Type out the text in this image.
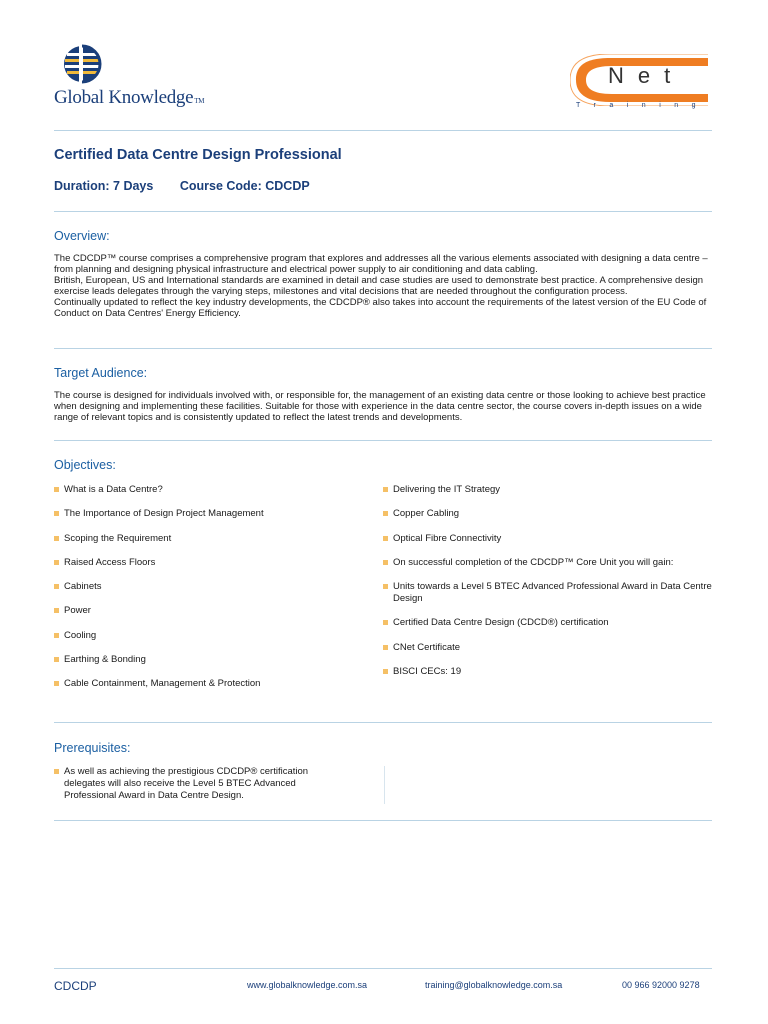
Global KnowledgeTM
Net
Training
Certified Data Centre Design Professional
Duration: 7 Days Course Code: CDCDP
Overview:

The CDCDP™ course comprises a comprehensive program that explores and addresses all the various elements associated with designing a data centre – from planning and designing physical infrastructure and electrical power supply to air conditioning and data cabling.

British, European, US and International standards are examined in detail and case studies are used to demonstrate best practice. A comprehensive design exercise leads delegates through the varying steps, milestones and vital decisions that are needed throughout the configuration process.

Continually updated to reflect the key industry developments, the CDCDP® also takes into account the requirements of the latest version of the EU Code of Conduct on Data Centres' Energy Efficiency.

Target Audience:
The course is designed for individuals involved with, or responsible for, the management of an existing data centre or those looking to achieve best practice when designing and implementing these facilities. Suitable for those with experience in the data centre sector, the course covers in-depth issues on a wide range of relevant topics and is consistently updated to reflect the latest trends and developments.
Objectives:
What is a Data Centre?
The Importance of Design Project Management
Scoping the Requirement
Raised Access Floors
Cabinets
Power
Cooling
Earthing & Bonding
Cable Containment, Management & Protection
Delivering the IT Strategy
Copper Cabling
Optical Fibre Connectivity
On successful completion of the CDCDP™ Core Unit you will gain:
Units towards a Level 5 BTEC Advanced Professional Award in Data Centre Design
Certified Data Centre Design (CDCD®) certification
CNet Certificate
BISCI CECs: 19
Prerequisites:
As well as achieving the prestigious CDCDP® certification delegates will also receive the Level 5 BTEC Advanced Professional Award in Data Centre Design.
CDCDP	www.globalknowledge.com.sa	training@globalknowledge.com.sa	00 966 92000 9278
